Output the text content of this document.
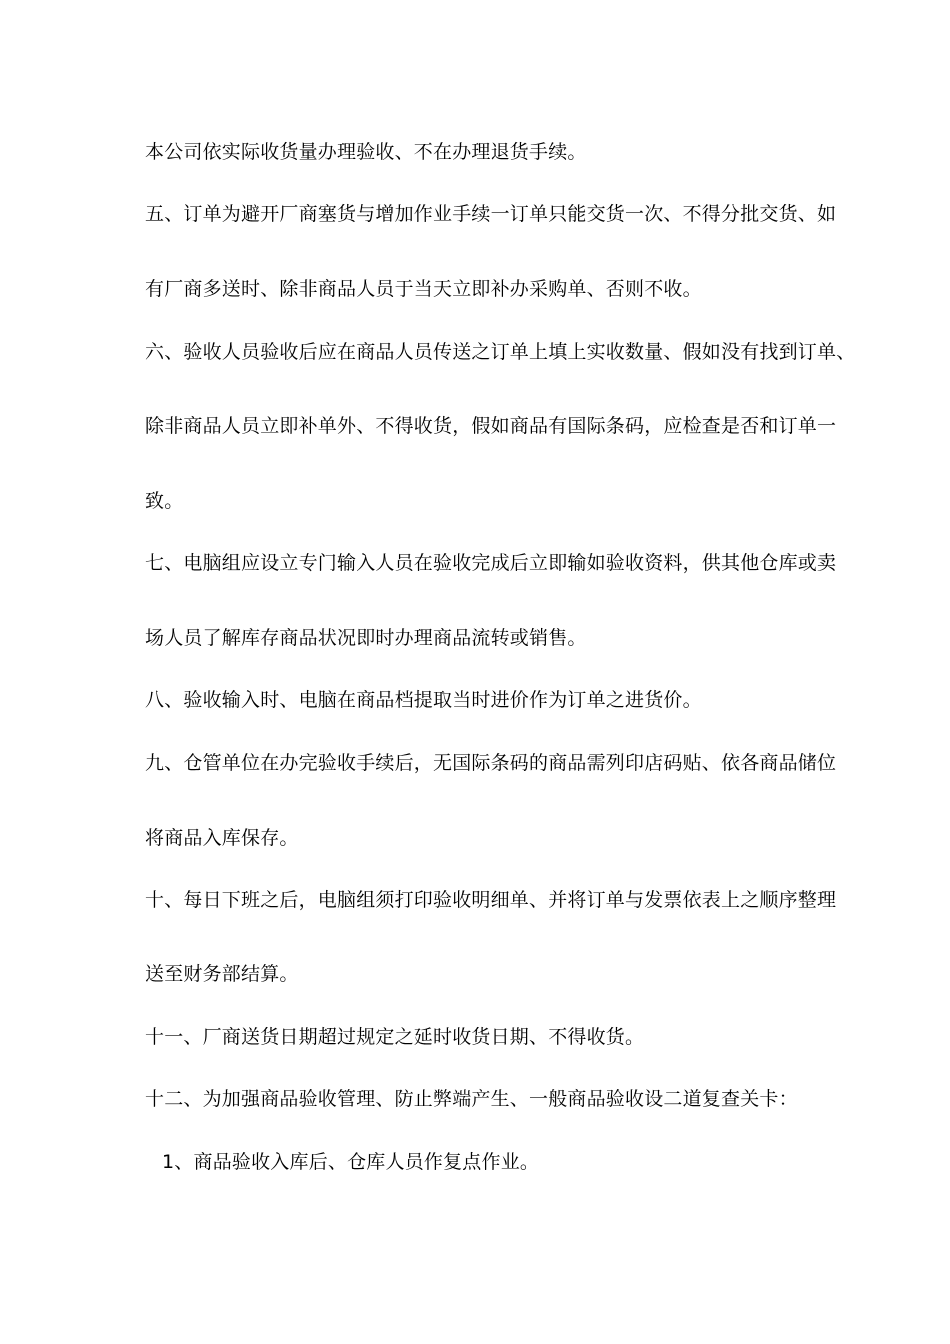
本公司依实际收货量办理验收、不在办理退货手续。
五、订单为避开厂商塞货与增加作业手续一订单只能交货一次、不得分批交货、如
有厂商多送时、除非商品人员于当天立即补办采购单、否则不收。
六、验收人员验收后应在商品人员传送之订单上填上实收数量、假如没有找到订单、
除非商品人员立即补单外、不得收货，假如商品有国际条码，应检查是否和订单一
致。
七、电脑组应设立专门输入人员在验收完成后立即输如验收资料，供其他仓库或卖
场人员了解库存商品状况即时办理商品流转或销售。
八、验收输入时、电脑在商品档提取当时进价作为订单之进货价。
九、仓管单位在办完验收手续后，无国际条码的商品需列印店码贴、依各商品储位
将商品入库保存。
十、每日下班之后，电脑组须打印验收明细单、并将订单与发票依表上之顺序整理
送至财务部结算。
十一、厂商送货日期超过规定之延时收货日期、不得收货。
十二、为加强商品验收管理、防止弊端产生、一般商品验收设二道复查关卡：
1、商品验收入库后、仓库人员作复点作业。
